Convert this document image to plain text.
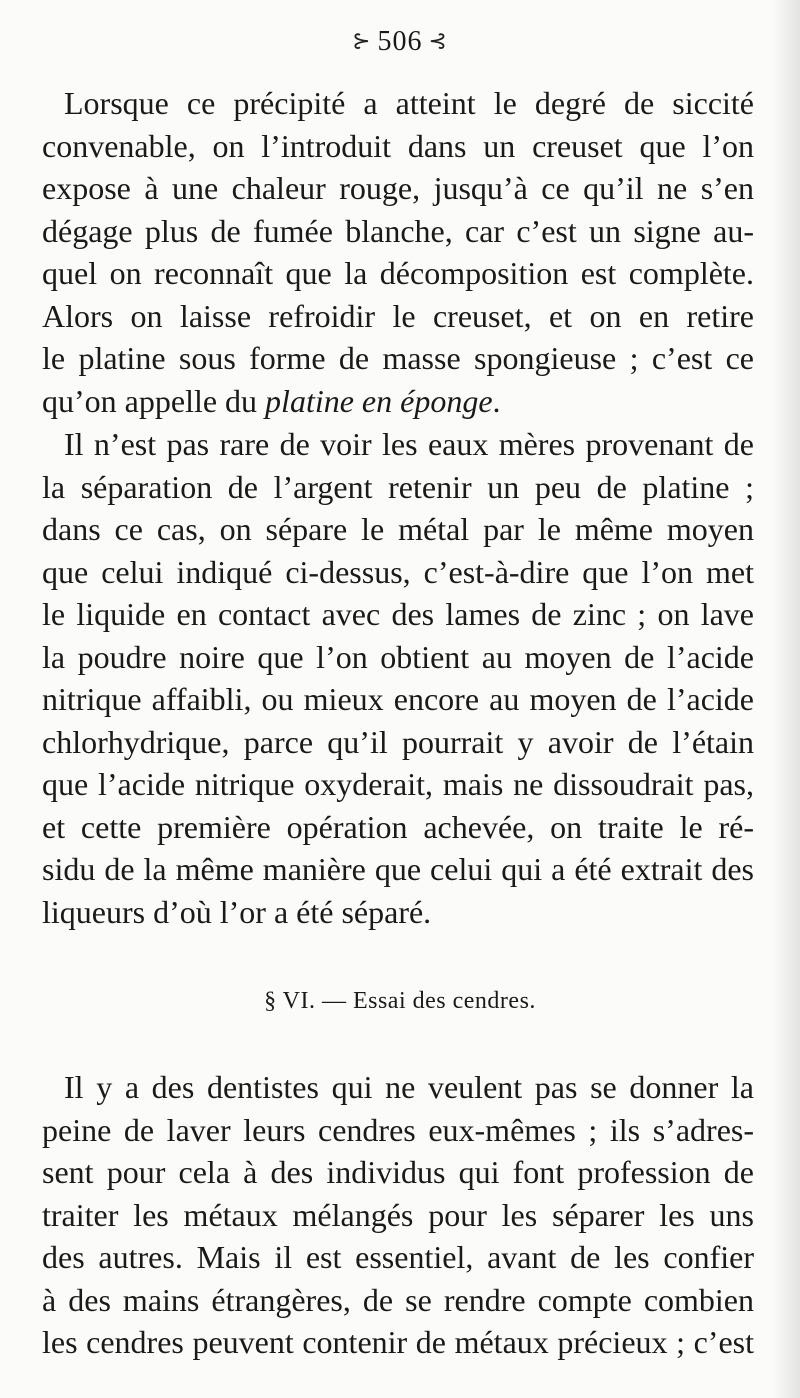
⊱ 506 ⊰
Lorsque ce précipité a atteint le degré de siccité
convenable, on l’introduit dans un creuset que l’on
expose à une chaleur rouge, jusqu’à ce qu’il ne s’en
dégage plus de fumée blanche, car c’est un signe au-
quel on reconnaît que la décomposition est complète.
Alors on laisse refroidir le creuset, et on en retire
le platine sous forme de masse spongieuse ; c’est ce
qu’on appelle du platine en éponge.
Il n’est pas rare de voir les eaux mères provenant de
la séparation de l’argent retenir un peu de platine ;
dans ce cas, on sépare le métal par le même moyen
que celui indiqué ci-dessus, c’est-à-dire que l’on met
le liquide en contact avec des lames de zinc ; on lave
la poudre noire que l’on obtient au moyen de l’acide
nitrique affaibli, ou mieux encore au moyen de l’acide
chlorhydrique, parce qu’il pourrait y avoir de l’étain
que l’acide nitrique oxyderait, mais ne dissoudrait pas,
et cette première opération achevée, on traite le ré-
sidu de la même manière que celui qui a été extrait des
liqueurs d’où l’or a été séparé.
§ VI. — Essai des cendres.
Il y a des dentistes qui ne veulent pas se donner la
peine de laver leurs cendres eux-mêmes ; ils s’adres-
sent pour cela à des individus qui font profession de
traiter les métaux mélangés pour les séparer les uns
des autres. Mais il est essentiel, avant de les confier
à des mains étrangères, de se rendre compte combien
les cendres peuvent contenir de métaux précieux ; c’est
